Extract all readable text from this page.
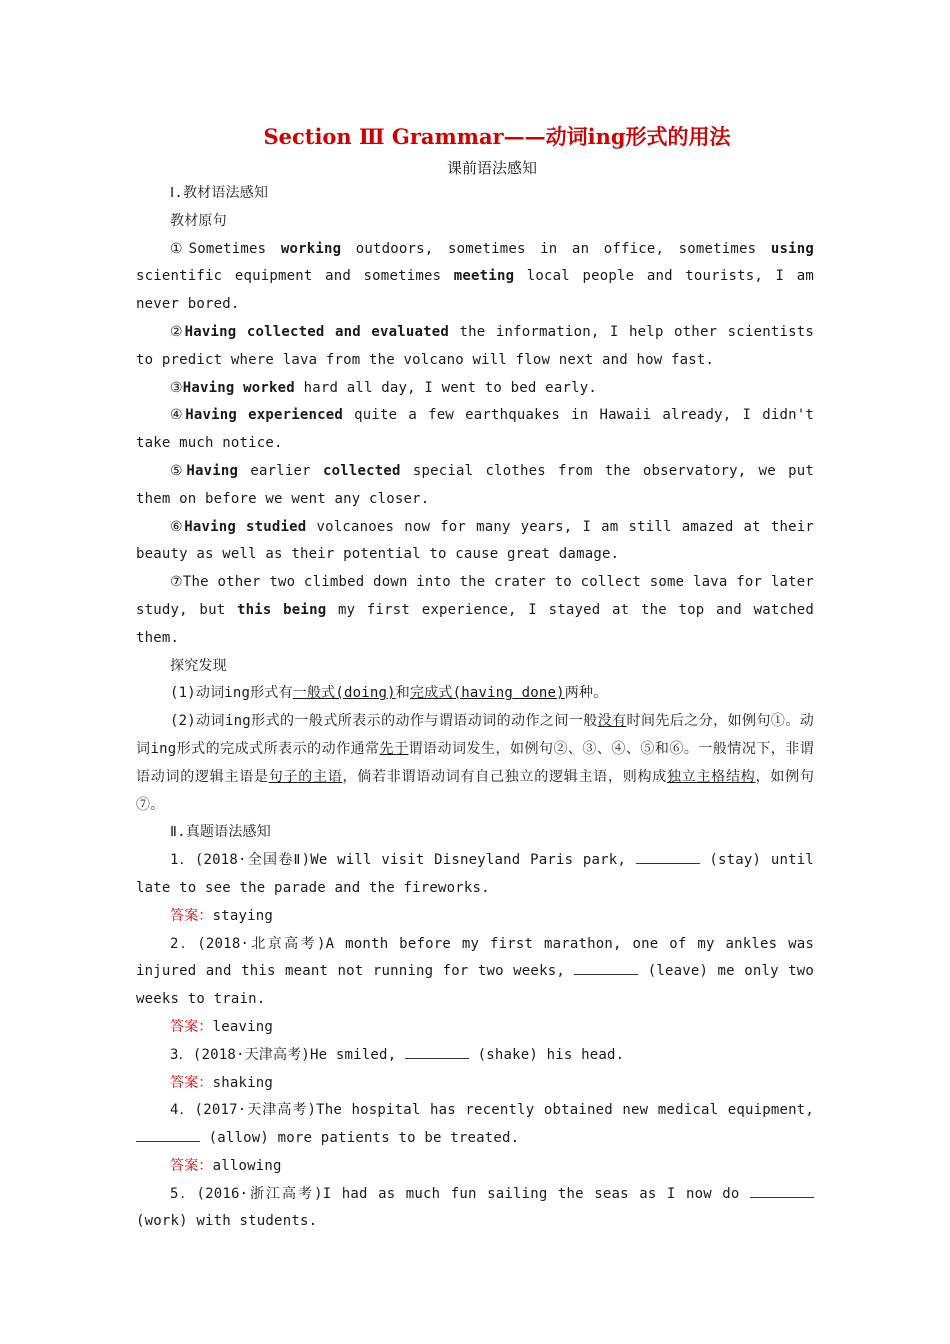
Section Ⅲ Grammar——动词ing形式的用法
课前语法感知

Ⅰ.教材语法感知

教材原句

①Sometimes working outdoors, sometimes in an office, sometimes using scientific equipment and sometimes meeting local people and tourists, I am never bored.

②Having collected and evaluated the information, I help other scientists to predict where lava from the volcano will flow next and how fast.

③Having worked hard all day, I went to bed early.

④Having experienced quite a few earthquakes in Hawaii already, I didn't take much notice.

⑤Having earlier collected special clothes from the observatory, we put them on before we went any closer.

⑥Having studied volcanoes now for many years, I am still amazed at their beauty as well as their potential to cause great damage.

⑦The other two climbed down into the crater to collect some lava for later study, but this being my first experience, I stayed at the top and watched them.

探究发现

(1)动词ing形式有一般式(doing)和完成式(having done)两种。

(2)动词ing形式的一般式所表示的动作与谓语动词的动作之间一般没有时间先后之分，如例句①。动词ing形式的完成式所表示的动作通常先于谓语动词发生，如例句②、③、④、⑤和⑥。一般情况下，非谓语动词的逻辑主语是句子的主语，倘若非谓语动词有自己独立的逻辑主语，则构成独立主格结构，如例句⑦。

Ⅱ.真题语法感知

1．(2018·全国卷Ⅱ)We will visit Disneyland Paris park,	(stay) until late to see the parade and the fireworks.

答案：staying

2．(2018·北京高考)A month before my first marathon, one of my ankles was injured and this meant not running for two weeks,	(leave) me only two weeks to train.

答案：leaving

3．(2018·天津高考)He smiled,	(shake) his head.

答案：shaking

4．(2017·天津高考)The hospital has recently obtained new medical equipment,  (allow) more patients to be treated.

答案：allowing

5．(2016·浙江高考)I had as much fun sailing the seas as I now do  (work) with students.
